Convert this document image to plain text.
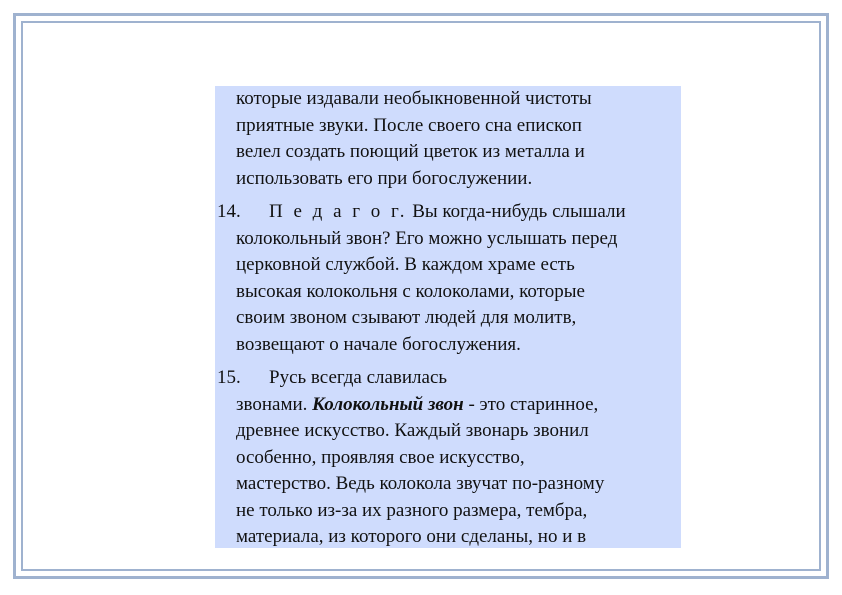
которые издавали необыкновенной чистоты
приятные звуки. После своего сна епископ
велел создать поющий цветок из металла и
использовать его при богослужении.
14.	П е д а г о г. Вы когда-нибудь слышали
колокольный звон? Его можно услышать перед
церковной службой. В каждом храме есть
высокая колокольня с колоколами, которые
своим звоном сзывают людей для молитв,
возвещают о начале богослужения.
15.	Русь всегда славилась
звонами. Колокольный звон - это старинное,
древнее искусство. Каждый звонарь звонил
особенно, проявляя свое искусство,
мастерство. Ведь колокола звучат по-разному
не только из-за их разного размера, тембра,
материала, из которого они сделаны, но и в
